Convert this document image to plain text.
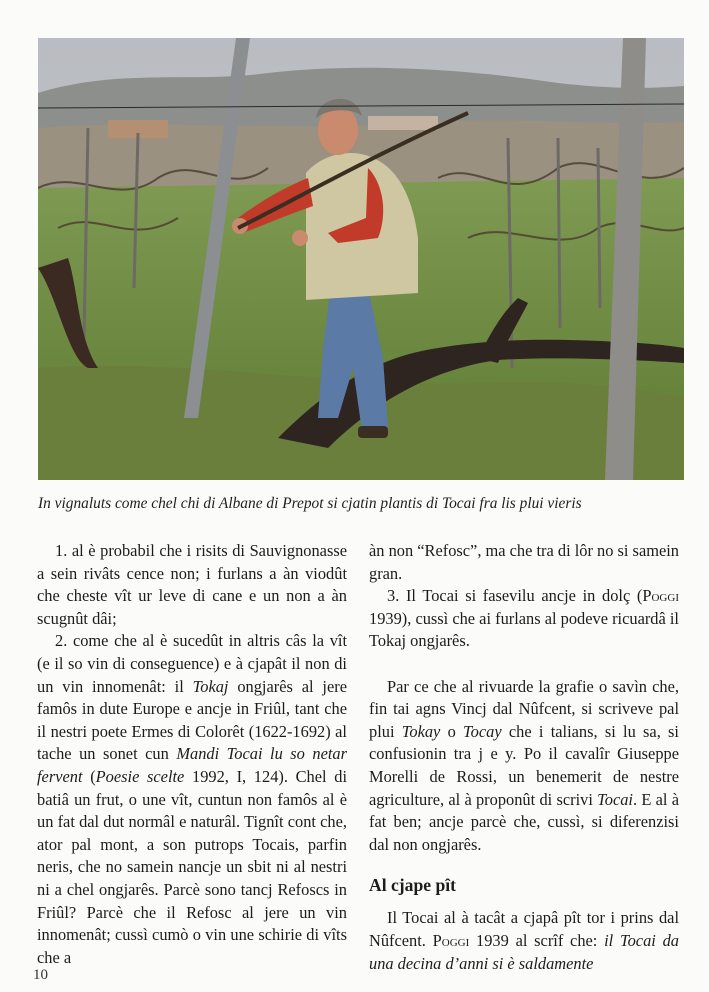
In vignaluts come chel chi di Albane di Prepot si cjatin plantis di Tocai fra lis plui vieris

1. al è probabil che i risits di Sauvignonasse a sein rivâts cence non; i furlans a àn viodût che cheste vît ur leve di cane e un non a àn scugnût dâi;

2. come che al è sucedût in altris câs la vît (e il so vin di conseguence) e à cjapât il non di un vin innomenât: il Tokaj ongjarês al jere famôs in dute Europe e ancje in Friûl, tant che il nestri poete Ermes di Colorêt (1622-1692) al tache un sonet cun Mandi Tocai lu so netar fervent (Poesie scelte 1992, I, 124). Chel di batiâ un frut, o une vît, cuntun non famôs al è un fat dal dut normâl e naturâl. Tignît cont che, ator pal mont, a son putrops Tocais, parfin neris, che no samein nancje un sbit ni al nestri ni a chel ongjarês. Parcè sono tancj Refoscs in Friûl? Parcè che il Refosc al jere un vin innomenât; cussì cumò o vin une schirie di vîts che a

àn non “Refosc”, ma che tra di lôr no si samein gran.

3. Il Tocai si fasevilu ancje in dolç (Poggi 1939), cussì che ai furlans al podeve ricuardâ il Tokaj ongjarês.

Par ce che al rivuarde la grafie o savìn che, fin tai agns Vincj dal Nûfcent, si scriveve pal plui Tokay o Tocay che i talians, si lu sa, si confusionin tra j e y. Po il cavalîr Giuseppe Morelli de Rossi, un benemerit de nestre agriculture, al à proponût di scrivi Tocai. E al à fat ben; ancje parcè che, cussì, si diferenzisi dal non ongjarês.

Al cjape pît

Il Tocai al à tacât a cjapâ pît tor i prins dal Nûfcent. Poggi 1939 al scrîf che: il Tocai da una decina d’anni si è saldamente

10
